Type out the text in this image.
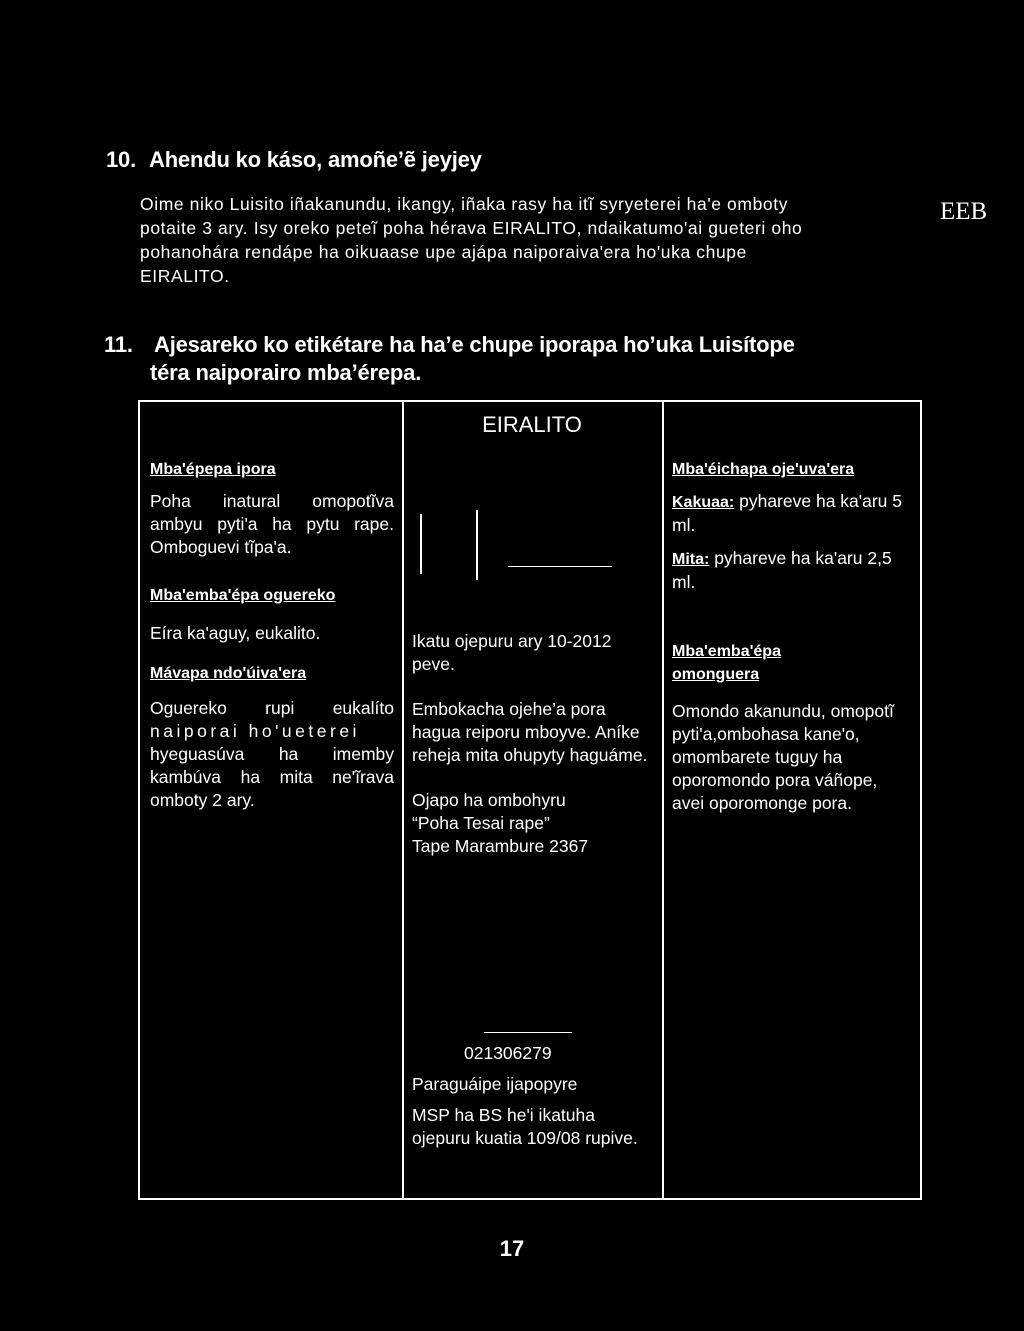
10. Ahendu ko káso, amoñe’ẽ jeyjey
Oime niko Luisito iñakanundu, ikangy, iñaka rasy ha itĩ syryeterei ha'e omboty
potaite 3 ary. Isy oreko peteĩ poha hérava EIRALITO, ndaikatumo'ai gueteri oho
pohanohára rendápe ha oikuaase upe ajápa naiporaiva'era ho'uka chupe
EIRALITO.
EEB
11. Ajesareko ko etikétare ha ha’e chupe iporapa ho’uka Luisítope
téra naiporairo mba’érepa.
EIRALITO
Mba'épepa ipora
Poha inatural omopotĩva ambyu pyti'a ha pytu rape. Omboguevi tĩpa'a.
Mba'emba'épa oguereko
Eíra ka'aguy, eukalito.
Mávapa ndo'úiva'era
Oguereko rupi eukalíto
naiporai ho'ueterei
hyeguasúva ha imemby kambúva ha mita ne'ĩrava omboty 2 ary.
Ikatu ojepuru ary 10-2012 peve.
Embokacha ojehe’a pora hagua reiporu mboyve. Aníke reheja mita ohupyty haguáme.
Ojapo ha ombohyru
“Poha Tesai rape”
Tape Marambure 2367
021306279
Paraguáipe ijapopyre
MSP ha BS he'i ikatuha ojepuru kuatia 109/08 rupive.
Mba'éichapa oje'uva'era
Kakuaa: pyhareve ha ka'aru 5 ml.
Mita: pyhareve ha ka'aru 2,5 ml.
Mba'emba'épa omonguera
Omondo akanundu, omopotĩ pyti'a,ombohasa kane'o, omombarete tuguy ha oporomondo pora váñope, avei oporomonge pora.
17
